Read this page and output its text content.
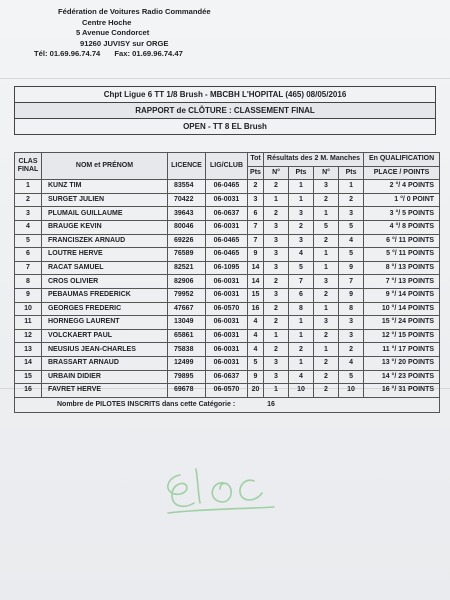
Fédération de Voitures Radio Commandée
Centre Hoche
5 Avenue Condorcet
91260 JUVISY sur ORGE
Tél: 01.69.96.74.74 Fax: 01.69.96.74.47
Chpt Ligue 6 TT 1/8 Brush - MBCBH L'HOPITAL (465) 08/05/2016
RAPPORT de CLÔTURE : CLASSEMENT FINAL
OPEN - TT 8 EL Brush
CLAS
FINAL	NOM et PRÉNOM	LICENCE	LIG/CLUB	Tot	Résultats des 2 M. Manches				En QUALIFICATION
				Pts	N°	Pts	N°	Pts	PLACE / POINTS
1	KUNZ TIM	83554	06-0465	2	2	1	3	1	2 °/ 4 POINTS
2	SURGET JULIEN	70422	06-0031	3	1	1	2	2	1 °/ 0 POINT
3	PLUMAIL GUILLAUME	39643	06-0637	6	2	3	1	3	3 °/ 5 POINTS
4	BRAUGE KEVIN	80046	06-0031	7	3	2	5	5	4 °/ 8 POINTS
5	FRANCISZEK ARNAUD	69226	06-0465	7	3	3	2	4	6 °/ 11 POINTS
6	LOUTRE HERVE	76589	06-0465	9	3	4	1	5	5 °/ 11 POINTS
7	RACAT SAMUEL	82521	06-1095	14	3	5	1	9	8 °/ 13 POINTS
8	CROS OLIVIER	82906	06-0031	14	2	7	3	7	7 °/ 13 POINTS
9	PEBAUMAS FREDERICK	79952	06-0031	15	3	6	2	9	9 °/ 14 POINTS
10	GEORGES FREDERIC	47667	06-0570	16	2	8	1	8	10 °/ 14 POINTS
11	HORNEGG LAURENT	13049	06-0031	4	2	1	3	3	15 °/ 24 POINTS
12	VOLCKAERT PAUL	65861	06-0031	4	1	1	2	3	12 °/ 15 POINTS
13	NEUSIUS JEAN-CHARLES	75838	06-0031	4	2	2	1	2	11 °/ 17 POINTS
14	BRASSART ARNAUD	12499	06-0031	5	3	1	2	4	13 °/ 20 POINTS
15	URBAIN DIDIER	79895	06-0637	9	3	4	2	5	14 °/ 23 POINTS
16	FAVRET HERVE	69678	06-0570	20	1	10	2	10	16 °/ 31 POINTS
Nombre de PILOTES INSCRITS dans cette Catégorie : 16									
